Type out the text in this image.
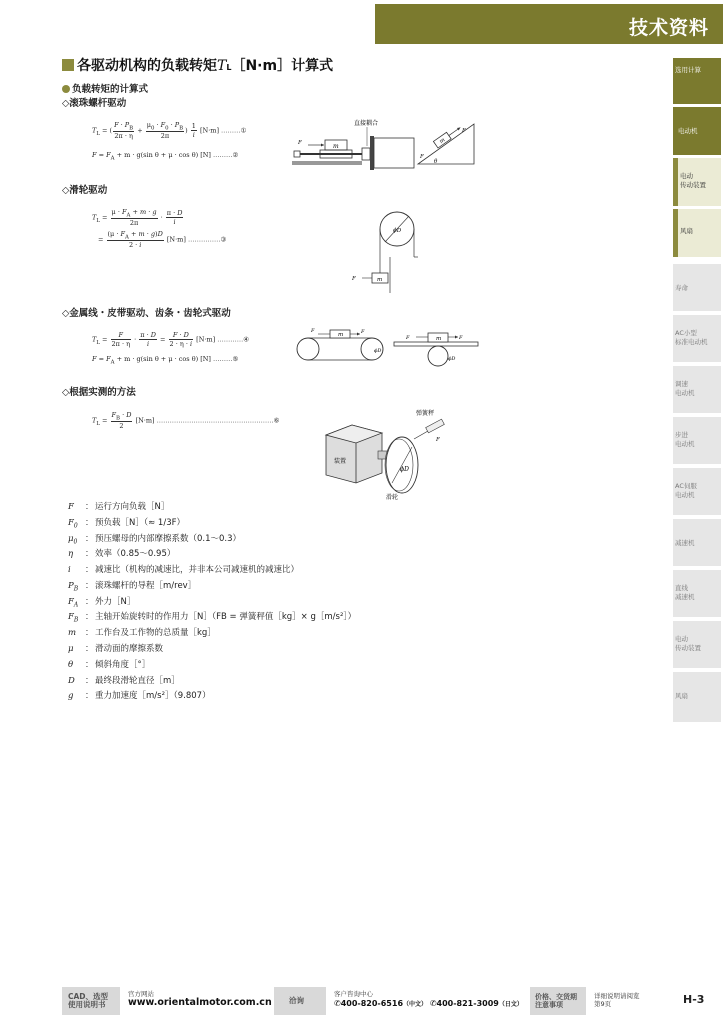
技术资料
各驱动机构的负载转矩TL［N·m］计算式
负载转矩的计算式
◇滚珠螺杆驱动
$T_L$ = ( $\frac{F \cdot P_B}{2\pi \cdot \eta} + \frac{\mu_0 \cdot F_0 \cdot P_B}{2\pi}$ ) $\frac{1}{i} [N\cdot m]$ ………①
$F = F_A + m \cdot g(\sin$ θ + μ · cos θ) [N] ………②
m
F
直接耦合
m
F
F
θ
◇滑轮驱动
$T_L = \frac{\mu \cdot F_A + m \cdot g}{2\pi} \cdot \frac{\pi \cdot D}{i}$
= $\frac{(\mu \cdot F_A + m \cdot g)D}{2 \cdot i} [N\cdot m]$ ……………③
ϕD
m
F
◇金属线・皮带驱动、齿条・齿轮式驱动
$T_L = \frac{F}{2\pi \cdot \eta} \cdot \frac{\pi \cdot D}{i} = \frac{F \cdot D}{2 \cdot \eta \cdot i} [N\cdot m]$ …………④
$F = F_A + m \cdot g(\sin$ θ + μ · cos θ) [N] ………⑤
m
F	F
ϕD
m
F	F
ϕD
◇根据实测的方法
$T_L = \frac{F_B \cdot D}{2} [N\cdot m]$ ………………………………………………⑥
装置
ϕD
弹簧秤
F
滑轮
F	： 运行方向负载［N］
$F_0$ ： 预负载［N］（≈ 1/3F）
$\mu_0$ ： 预压螺母的内部摩擦系数（0.1～0.3）
η	： 效率（0.85～0.95）
i	： 减速比（机构的减速比，并非本公司减速机的减速比）
$P_B$ ： 滚珠螺杆的导程［m/rev］
$F_A$ ： 外力［N］
$F_B$ ： 主轴开始旋转时的作用力［N］（FB = 弹簧秤值［kg］× g［m/s²］）
m	： 工作台及工作物的总质量［kg］
μ	： 滑动面的摩擦系数
θ	： 倾斜角度［°］
D	： 最终段滑轮直径［m］
g	： 重力加速度［m/s²］（9.807）
选用计算
电动机
电动
传动装置
风扇
寿命
AC小型
标准电动机
调速
电动机
步进
电动机
AC伺服
电动机
减速机
直线
减速机
电动
传动装置
风扇
CAD、选型
使用说明书
官方网站
www.orientalmotor.com.cn 洽询
客户咨询中心
✆400-820-6516（中文） ✆400-821-3009（日文）
价格、交货期
注意事项
详细说明请阅览
第9页	H-3
